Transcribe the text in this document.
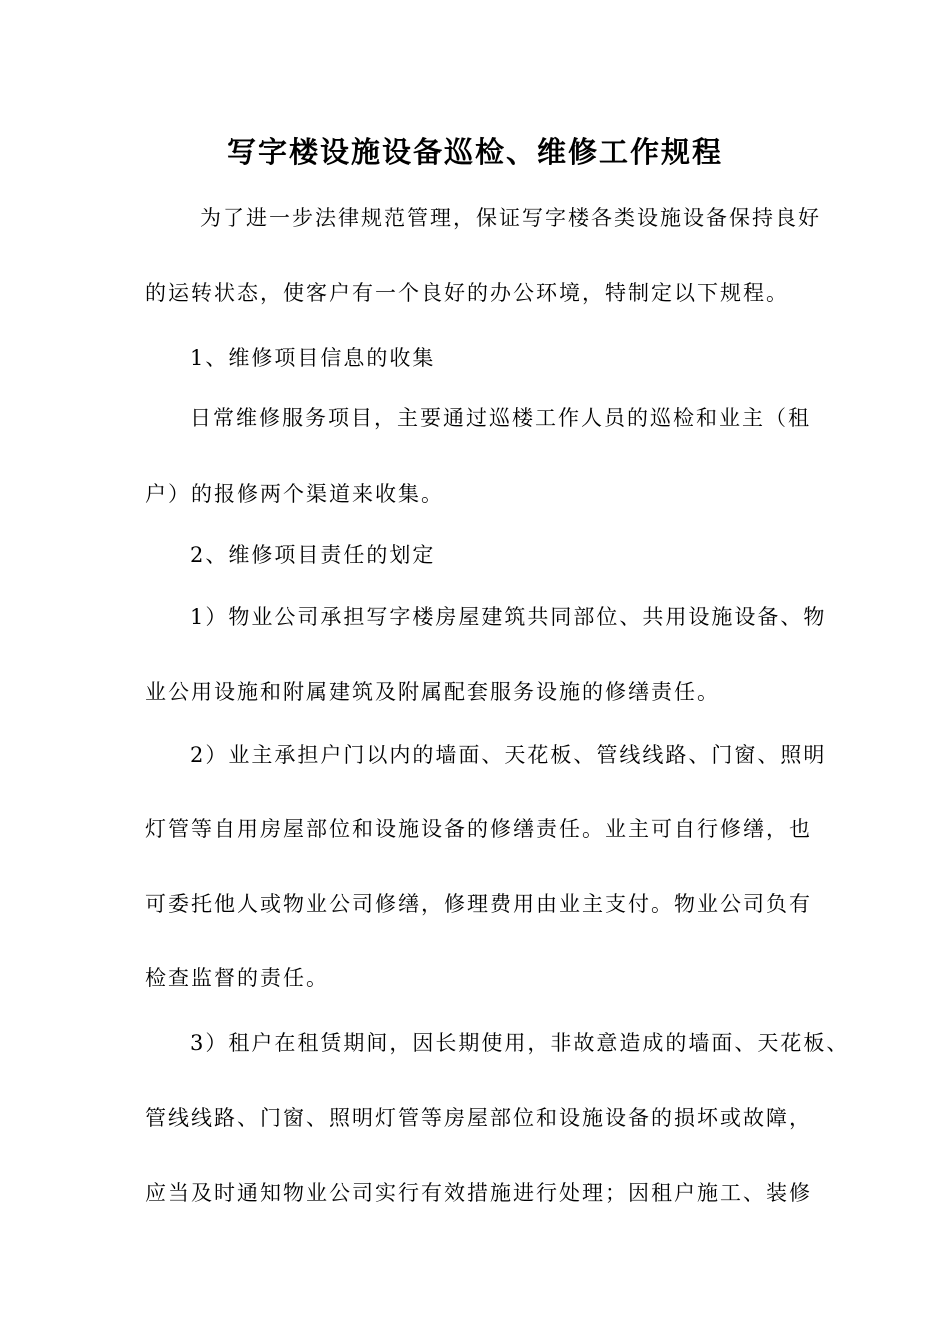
写字楼设施设备巡检、维修工作规程
为了进一步法律规范管理，保证写字楼各类设施设备保持良好
的运转状态，使客户有一个良好的办公环境，特制定以下规程。
1、维修项目信息的收集
日常维修服务项目，主要通过巡楼工作人员的巡检和业主（租
户）的报修两个渠道来收集。
2、维修项目责任的划定
1）物业公司承担写字楼房屋建筑共同部位、共用设施设备、物
业公用设施和附属建筑及附属配套服务设施的修缮责任。
2）业主承担户门以内的墙面、天花板、管线线路、门窗、照明
灯管等自用房屋部位和设施设备的修缮责任。业主可自行修缮，也
可委托他人或物业公司修缮，修理费用由业主支付。物业公司负有
检查监督的责任。
3）租户在租赁期间，因长期使用，非故意造成的墙面、天花板、
管线线路、门窗、照明灯管等房屋部位和设施设备的损坏或故障，
应当及时通知物业公司实行有效措施进行处理；因租户施工、装修
